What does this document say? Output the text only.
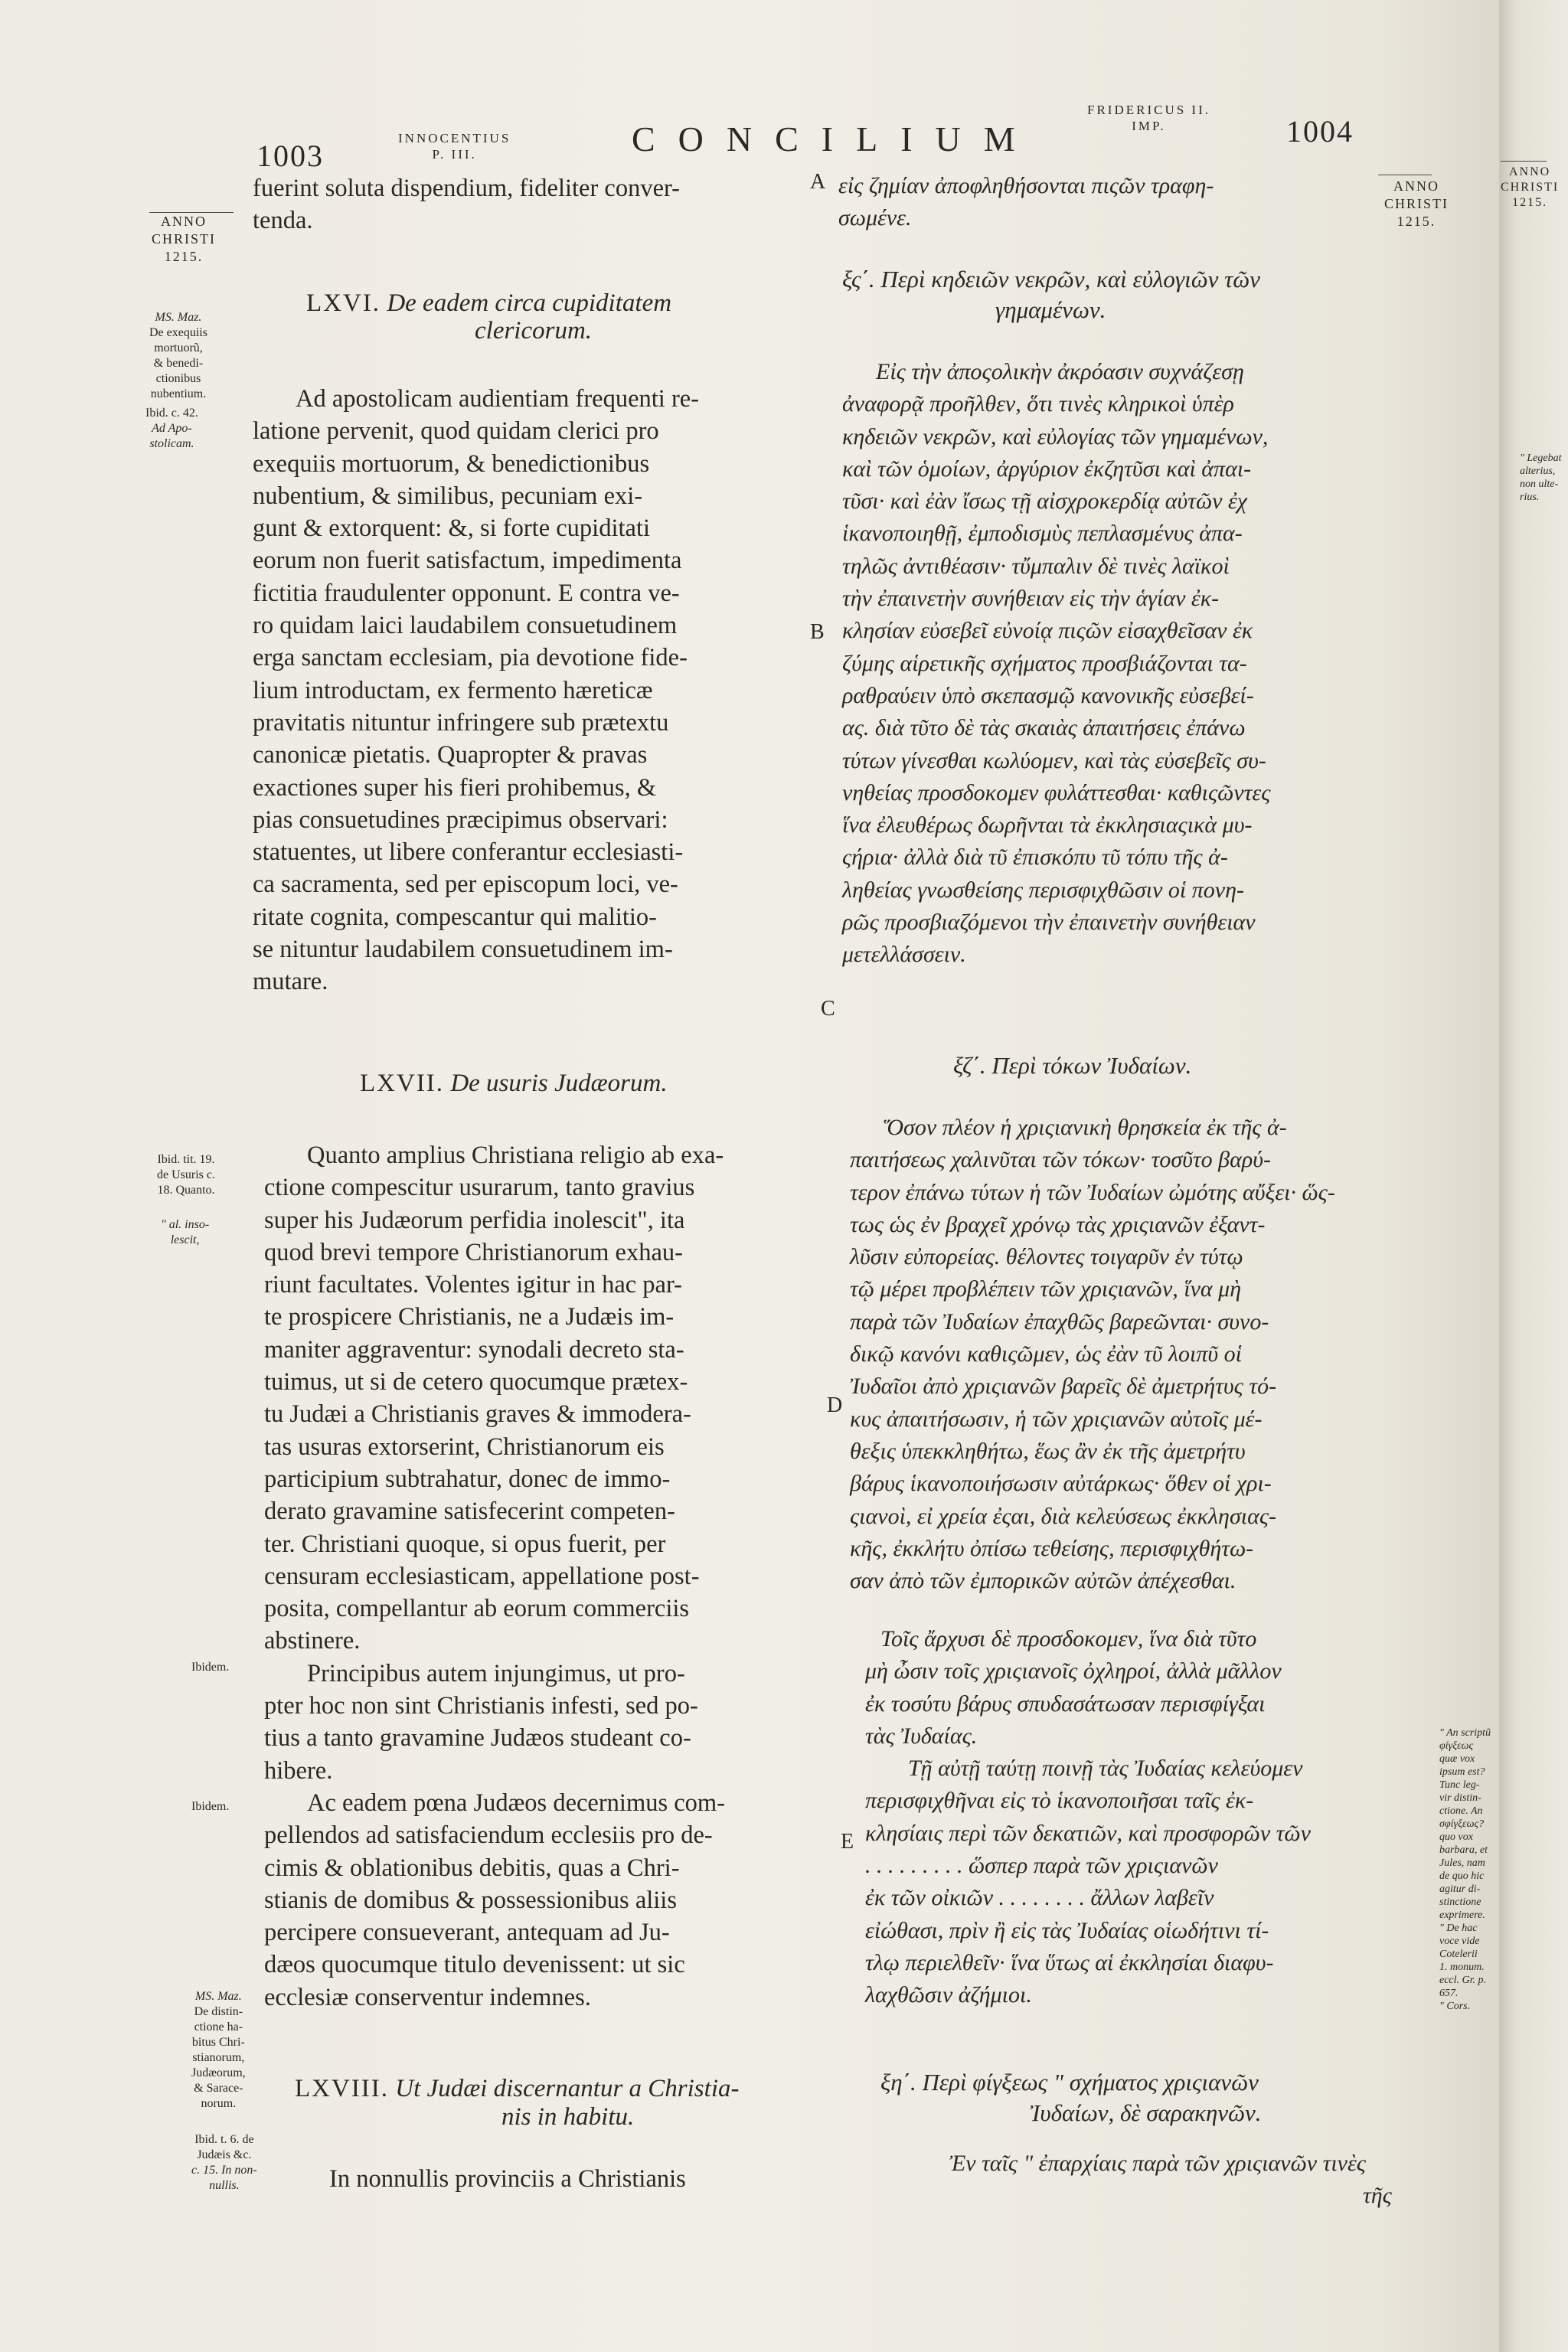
1003
INNOCENTIUS
P. III.	CONCILIUM
FRIDERICUS II.
IMP.	1004
ANNO
CHRISTI
1215.
ANNO
CHRISTI
1215.
ANNO
CHRISTI
1215.
A
B
C
D
E
MS. Maz.
De exequiis
mortuorũ,
& benedi-
ctionibus
nubentium.
Ibid. c. 42.
Ad Apo-
stolicam.
Ibid. tit. 19.
de Usuris c.
18. Quanto.
" al. inso-
lescit,
Ibidem.
Ibidem.
MS. Maz.
De distin-
ctione ha-
bitus Chri-
stianorum,
Judæorum,
& Sarace-
norum.
Ibid. t. 6. de
Judæis &c.
c. 15. In non-
nullis.
" Legebat
alterius,
non ulte-
rius.
" An scriptũ
φίγξεως
quæ vox
ipsum est?
Tunc leg-
vir distin-
ctione. An
σφίγξεως?
quo vox
barbara, et
Jules, nam
de quo hic
agitur di-
stinctione
exprimere.
" De hac
voce vide
Cotelerii
1. monum.
eccl. Gr. p.
657.
" Cors.
fuerint soluta dispendium, fideliter conver-
tenda.
LXVI. De eadem circa cupiditatem
clericorum.
Ad apostolicam audientiam frequenti re-
latione pervenit, quod quidam clerici pro
exequiis mortuorum, & benedictionibus
nubentium, & similibus, pecuniam exi-
gunt & extorquent: &, si forte cupiditati
eorum non fuerit satisfactum, impedimenta
fictitia fraudulenter opponunt. E contra ve-
ro quidam laici laudabilem consuetudinem
erga sanctam ecclesiam, pia devotione fide-
lium introductam, ex fermento hæreticæ
pravitatis nituntur infringere sub prætextu
canonicæ pietatis. Quapropter & pravas
exactiones super his fieri prohibemus, &
pias consuetudines præcipimus observari:
statuentes, ut libere conferantur ecclesiasti-
ca sacramenta, sed per episcopum loci, ve-
ritate cognita, compescantur qui malitio-
se nituntur laudabilem consuetudinem im-
mutare.
LXVII. De usuris Judæorum.
Quanto amplius Christiana religio ab exa-
ctione compescitur usurarum, tanto gravius
super his Judæorum perfidia inolescit", ita
quod brevi tempore Christianorum exhau-
riunt facultates. Volentes igitur in hac par-
te prospicere Christianis, ne a Judæis im-
maniter aggraventur: synodali decreto sta-
tuimus, ut si de cetero quocumque prætex-
tu Judæi a Christianis graves & immodera-
tas usuras extorserint, Christianorum eis
participium subtrahatur, donec de immo-
derato gravamine satisfecerint competen-
ter. Christiani quoque, si opus fuerit, per
censuram ecclesiasticam, appellatione post-
posita, compellantur ab eorum commerciis
abstinere.
Principibus autem injungimus, ut pro-
pter hoc non sint Christianis infesti, sed po-
tius a tanto gravamine Judæos studeant co-
hibere.
Ac eadem pœna Judæos decernimus com-
pellendos ad satisfaciendum ecclesiis pro de-
cimis & oblationibus debitis, quas a Chri-
stianis de domibus & possessionibus aliis
percipere consueverant, antequam ad Ju-
dæos quocumque titulo devenissent: ut sic
ecclesiæ conserventur indemnes.
LXVIII. Ut Judæi discernantur a Christia-
nis in habitu.
In nonnullis provinciis a Christianis
εἰς ζημίαν ἀποφληθήσονται πιςῶν τραφη-
σωμένε.
ξς΄. Περὶ κηδειῶν νεκρῶν, καὶ εὐλογιῶν τῶν
γημαμένων.
Εἰς τὴν ἀποςολικὴν ἀκρόασιν συχνάζεσῃ
ἀναφορᾷ προῆλθεν, ὅτι τινὲς κληρικοὶ ὑπὲρ
κηδειῶν νεκρῶν, καὶ εὐλογίας τῶν γημαμένων,
καὶ τῶν ὁμοίων, ἀργύριον ἐκζητῦσι καὶ ἀπαι-
τῦσι· καὶ ἐὰν ἴσως τῇ αἰσχροκερδίᾳ αὐτῶν ἐχ
ἱκανοποιηθῇ, ἐμποδισμὺς πεπλασμένυς ἀπα-
τηλῶς ἀντιθέασιν· τὔμπαλιν δὲ τινὲς λαϊκοὶ
τὴν ἐπαινετὴν συνήθειαν εἰς τὴν ἁγίαν ἐκ-
κλησίαν εὐσεβεῖ εὐνοίᾳ πιςῶν εἰσαχθεῖσαν ἐκ
ζύμης αἱρετικῆς σχήματος προσβιάζονται τα-
ραθραύειν ὑπὸ σκεπασμῷ κανονικῆς εὐσεβεί-
ας. διὰ τῦτο δὲ τὰς σκαιὰς ἀπαιτήσεις ἐπάνω
τύτων γίνεσθαι κωλύομεν, καὶ τὰς εὐσεβεῖς συ-
νηθείας προσδοκομεν φυλάττεσθαι· καθιςῶντες
ἵνα ἐλευθέρως δωρῆνται τὰ ἐκκλησιαςικὰ μυ-
ςήρια· ἀλλὰ διὰ τῦ ἐπισκόπυ τῦ τόπυ τῆς ἀ-
ληθείας γνωσθείσης περισφιχθῶσιν οἱ πονη-
ρῶς προσβιαζόμενοι τὴν ἐπαινετὴν συνήθειαν
μετελλάσσειν.
ξζ΄. Περὶ τόκων Ἰυδαίων.
Ὅσον πλέον ἡ χριςιανικὴ θρησκεία ἐκ τῆς ἀ-
παιτήσεως χαλινῦται τῶν τόκων· τοσῦτο βαρύ-
τερον ἐπάνω τύτων ἡ τῶν Ἰυδαίων ὠμότης αὔξει· ὥς-
τως ὡς ἐν βραχεῖ χρόνῳ τὰς χριςιανῶν ἐξαντ-
λῦσιν εὐπορείας. θέλοντες τοιγαρῦν ἐν τύτῳ
τῷ μέρει προβλέπειν τῶν χριςιανῶν, ἵνα μὴ
παρὰ τῶν Ἰυδαίων ἐπαχθῶς βαρεῶνται· συνο-
δικῷ κανόνι καθιςῶμεν, ὡς ἐὰν τῦ λοιπῦ οἱ
Ἰυδαῖοι ἀπὸ χριςιανῶν βαρεῖς δὲ ἀμετρήτυς τό-
κυς ἀπαιτήσωσιν, ἡ τῶν χριςιανῶν αὐτοῖς μέ-
θεξις ὑπεκκληθήτω, ἕως ἂν ἐκ τῆς ἀμετρήτυ
βάρυς ἱκανοποιήσωσιν αὐτάρκως· ὅθεν οἱ χρι-
ςιανοὶ, εἰ χρεία ἐςαι, διὰ κελεύσεως ἐκκλησιας-
κῆς, ἐκκλήτυ ὀπίσω τεθείσης, περισφιχθήτω-
σαν ἀπὸ τῶν ἐμπορικῶν αὐτῶν ἀπέχεσθαι.
Τοῖς ἄρχυσι δὲ προσδοκομεν, ἵνα διὰ τῦτο
μὴ ὦσιν τοῖς χριςιανοῖς ὀχληροί, ἀλλὰ μᾶλλον
ἐκ τοσύτυ βάρυς σπυδασάτωσαν περισφίγξαι
τὰς Ἰυδαίας.
Τῇ αὐτῇ ταύτῃ ποινῇ τὰς Ἰυδαίας κελεύομεν
περισφιχθῆναι εἰς τὸ ἱκανοποιῆσαι ταῖς ἐκ-
κλησίαις περὶ τῶν δεκατιῶν, καὶ προσφορῶν τῶν
. . . . . . . . . ὥσπερ παρὰ τῶν χριςιανῶν
ἐκ τῶν οἰκιῶν . . . . . . . . ἄλλων λαβεῖν
εἰώθασι, πρὶν ἢ εἰς τὰς Ἰυδαίας οἱωδήτινι τί-
τλῳ περιελθεῖν· ἵνα ὕτως αἱ ἐκκλησίαι διαφυ-
λαχθῶσιν ἀζήμιοι.
ξη΄. Περὶ φίγξεως " σχήματος χριςιανῶν
Ἰυδαίων, δὲ σαρακηνῶν.
Ἐν ταῖς " ἐπαρχίαις παρὰ τῶν χριςιανῶν τινὲς
τῆς
